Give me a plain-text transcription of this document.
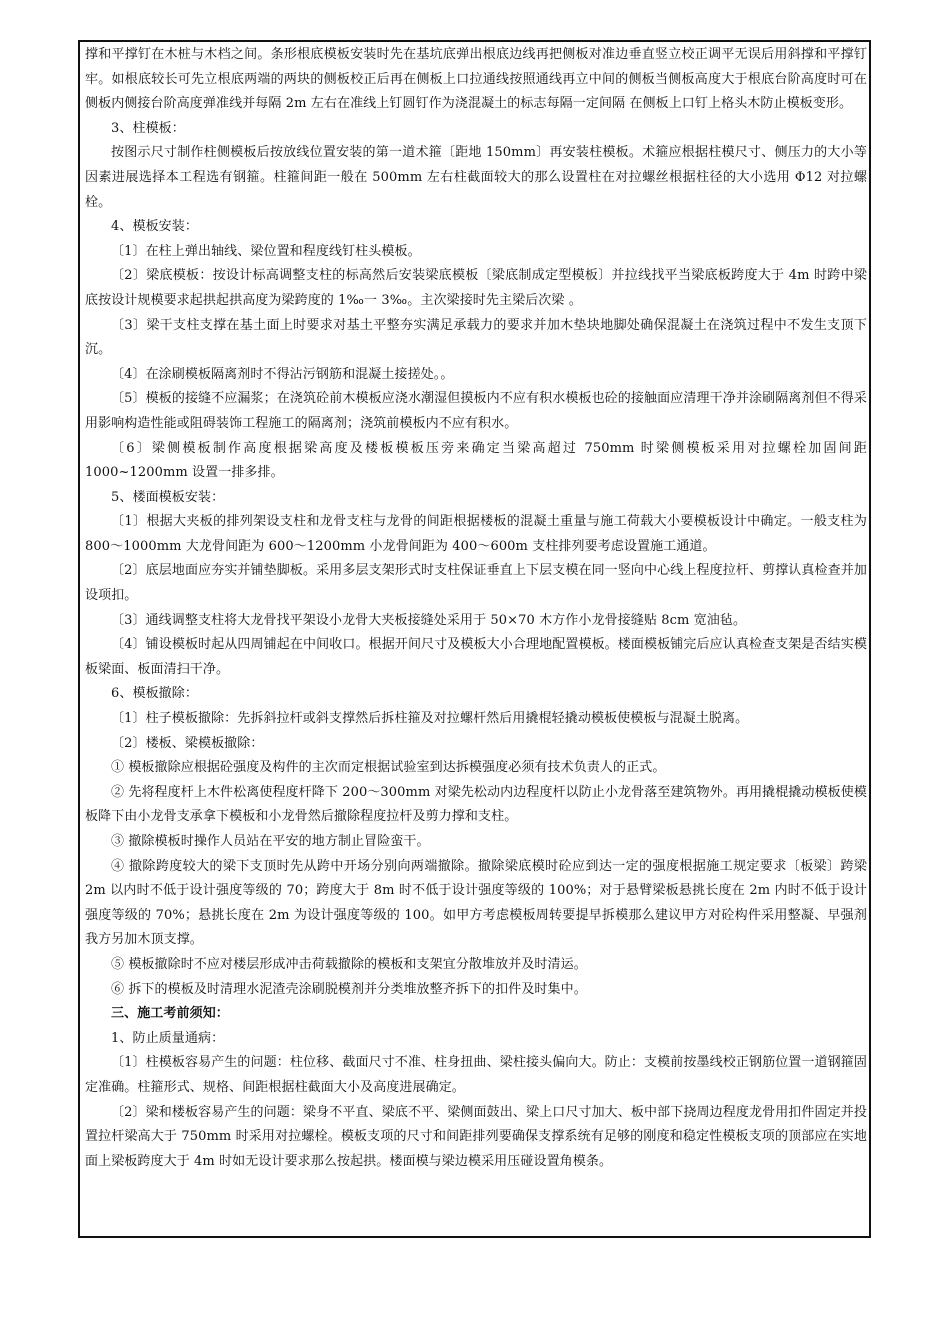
撑和平撑钉在木桩与木档之间。条形根底模板安装时先在基坑底弹出根底边线再把侧板对准边垂直竖立校正调平无误后用斜撑和平撑钉牢。如根底较长可先立根底两端的两块的侧板校正后再在侧板上口拉通线按照通线再立中间的侧板当侧板高度大于根底台阶高度时可在侧板内侧接台阶高度弹准线并每隔 2m 左右在准线上钉圆钉作为浇混凝土的标志每隔一定间隔 在侧板上口钉上格头木防止模板变形。

3、柱模板：

按图示尺寸制作柱侧模板后按放线位置安装的第一道术箍〔距地 150mm〕再安装柱模板。术箍应根据柱模尺寸、侧压力的大小等因素进展选择本工程选有钢箍。柱箍间距一般在 500mm 左右柱截面较大的那么设置柱在对拉螺丝根据柱径的大小选用 Φ12 对拉螺栓。

4、模板安装：

〔1〕在柱上弹出轴线、梁位置和程度线钉柱头模板。

〔2〕梁底模板：按设计标高调整支柱的标高然后安装梁底模板〔梁底制成定型模板〕并拉线找平当梁底板跨度大于 4m 时跨中梁底按设计规模要求起拱起拱高度为梁跨度的 1‰一 3‰。主次梁接时先主梁后次梁 。

〔3〕梁干支柱支撑在基土面上时要求对基土平整夯实满足承载力的要求并加木垫块地脚处确保混凝土在浇筑过程中不发生支顶下沉。

〔4〕在涂刷模板隔离剂时不得沾污钢筋和混凝土接搓处。。

〔5〕模板的接缝不应漏浆；在浇筑砼前木模板应浇水潮湿但摸板内不应有积水模板也砼的接触面应清理干净并涂刷隔离剂但不得采用影响构造性能或阻碍装饰工程施工的隔离剂；浇筑前模板内不应有积水。

〔6〕梁侧模板制作高度根据梁高度及楼板模板压旁来确定当梁高超过 750mm 时梁侧模板采用对拉螺栓加固间距1000~1200mm 设置一排多排。

5、楼面模板安装：

〔1〕根据大夹板的排列架设支柱和龙骨支柱与龙骨的间距根据楼板的混凝土重量与施工荷载大小要模板设计中确定。一般支柱为 800～1000mm 大龙骨间距为 600～1200mm 小龙骨间距为 400～600m 支柱排列要考虑设置施工通道。

〔2〕底层地面应夯实并铺垫脚板。采用多层支架形式时支柱保证垂直上下层支模在同一竖向中心线上程度拉杆、剪撑认真检查并加设项扣。

〔3〕通线调整支柱将大龙骨找平架设小龙骨大夹板接缝处采用于 50×70 木方作小龙骨接缝贴 8cm 宽油毡。

〔4〕铺设模板时起从四周铺起在中间收口。根据开间尺寸及模板大小合理地配置模板。楼面模板铺完后应认真检查支架是否结实模板梁面、板面清扫干净。

6、模板撤除：

〔1〕柱子模板撤除：先拆斜拉杆或斜支撑然后拆柱箍及对拉螺杆然后用撬棍轻撬动模板使模板与混凝土脱离。

〔2〕楼板、梁模板撤除：

① 模板撤除应根据砼强度及构件的主次而定根据试验室到达拆模强度必须有技术负责人的正式。

② 先将程度杆上木件松离使程度杆降下 200～300mm 对梁先松动内边程度杆以防止小龙骨落至建筑物外。再用撬棍撬动模板使模板降下由小龙骨支承拿下模板和小龙骨然后撤除程度拉杆及剪力撑和支柱。

③ 撤除模板时操作人员站在平安的地方制止冒险蛮干。

④ 撤除跨度较大的梁下支顶时先从跨中开场分别向两端撤除。撤除梁底模时砼应到达一定的强度根据施工规定要求〔板梁〕跨梁 2m 以内时不低于设计强度等级的 70；跨度大于 8m 时不低于设计强度等级的 100%；对于悬臂梁板悬挑长度在 2m 内时不低于设计强度等级的 70%；悬挑长度在 2m 为设计强度等级的 100。如甲方考虑模板周转要提早拆模那么建议甲方对砼构件采用整凝、早强剂我方另加木顶支撑。

⑤ 模板撤除时不应对楼层形成冲击荷载撤除的模板和支架宜分散堆放并及时清运。

⑥ 拆下的模板及时清理水泥渣壳涂刷脱模剂并分类堆放整齐拆下的扣件及时集中。

三、施工考前须知：

1、防止质量通病：

〔1〕柱模板容易产生的问题：柱位移、截面尺寸不准、柱身扭曲、梁柱接头偏向大。防止：支模前按墨线校正钢筋位置一道钢箍固定准确。柱箍形式、规格、间距根据柱截面大小及高度进展确定。

〔2〕梁和楼板容易产生的问题：梁身不平直、梁底不平、梁侧面鼓出、梁上口尺寸加大、板中部下挠周边程度龙骨用扣件固定并投置拉杆梁高大于 750mm 时采用对拉螺栓。模板支项的尺寸和间距排列要确保支撑系统有足够的刚度和稳定性模板支项的顶部应在实地面上梁板跨度大于 4m 时如无设计要求那么按起拱。楼面模与梁边模采用压碰设置角模条。
